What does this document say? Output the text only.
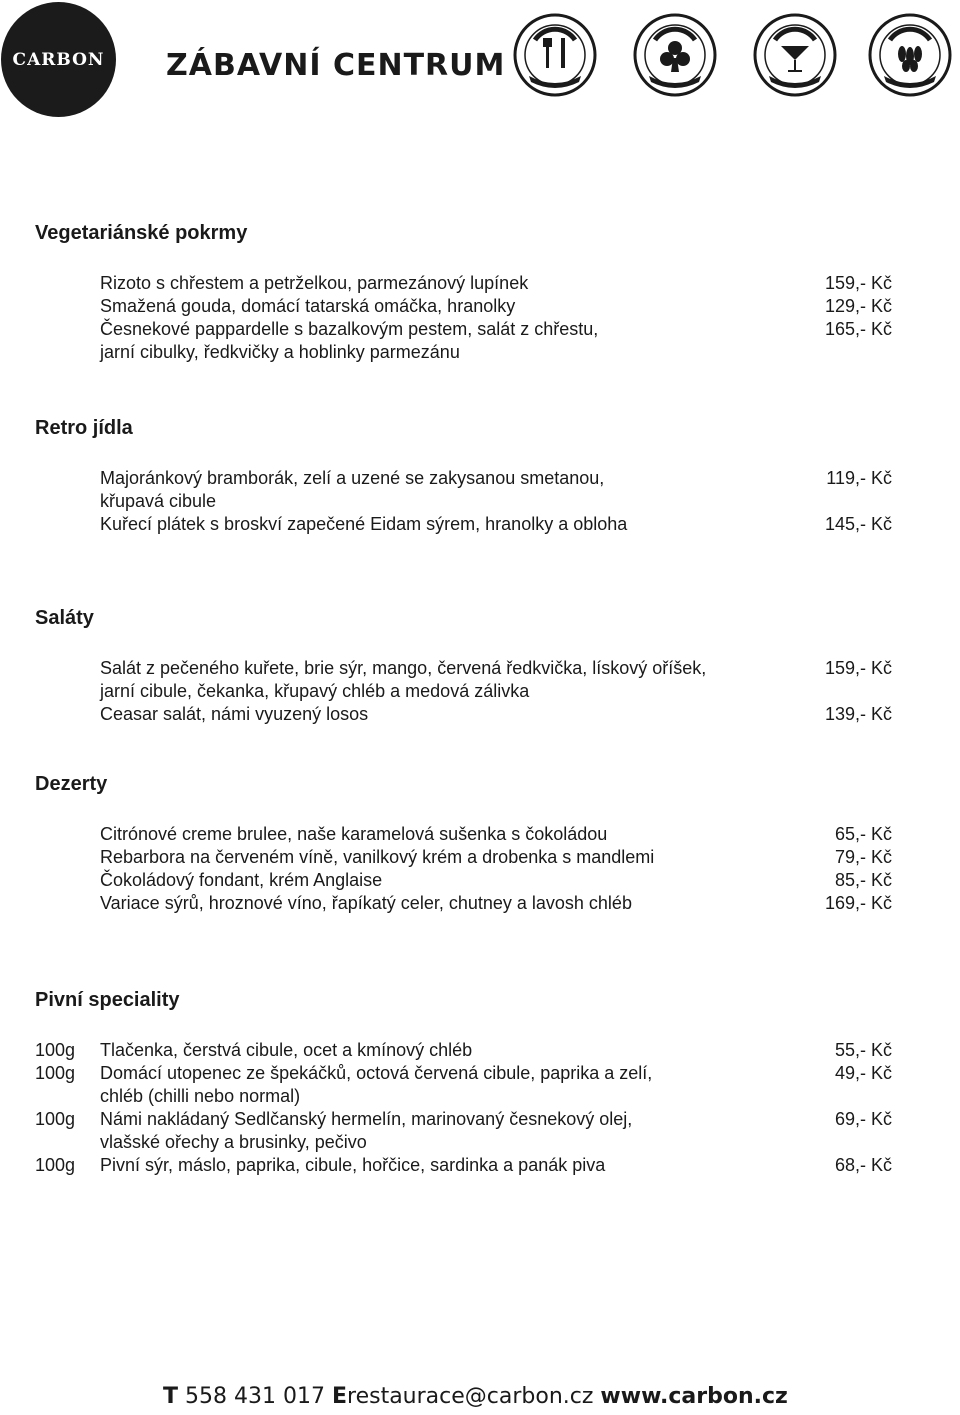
CARBON ZÁBAVNÍ CENTRUM
Vegetariánské pokrmy
Rizoto s chřestem a petrželkou, parmezánový lupínek
Smažená gouda, domácí tatarská omáčka, hranolky
Česnekové pappardelle s bazalkovým pestem, salát z chřestu,
jarní cibulky, ředkvičky a hoblinky parmezánu
159,- Kč
129,- Kč
165,- Kč
Retro jídla
Majoránkový bramborák, zelí a uzené se zakysanou smetanou,
křupavá cibule
Kuřecí plátek s broskví zapečené Eidam sýrem, hranolky a obloha
119,- Kč
145,- Kč
Saláty
Salát z pečeného kuřete, brie sýr, mango, červená ředkvička, lískový oříšek,
jarní cibule, čekanka, křupavý chléb a medová zálivka
Ceasar salát, námi vyuzený losos
159,- Kč
139,- Kč
Dezerty
Citrónové creme brulee, naše karamelová sušenka s čokoládou
Rebarbora na červeném víně, vanilkový krém a drobenka s mandlemi
Čokoládový fondant, krém Anglaise
Variace sýrů, hroznové víno, řapíkatý celer, chutney a lavosh chléb
65,- Kč
79,- Kč
85,- Kč
169,- Kč
Pivní speciality
100g
100g
100g
100g
Tlačenka, čerstvá cibule, ocet a kmínový chléb
Domácí utopenec ze špekáčků, octová červená cibule, paprika a zelí,
chléb (chilli nebo normal)
Námi nakládaný Sedlčanský hermelín, marinovaný česnekový olej,
vlašské ořechy a brusinky, pečivo
Pivní sýr, máslo, paprika, cibule, hořčice, sardinka a panák piva
55,- Kč
49,- Kč
69,- Kč
68,- Kč
T 558 431 017 Erestaurace@carbon.cz www.carbon.cz
